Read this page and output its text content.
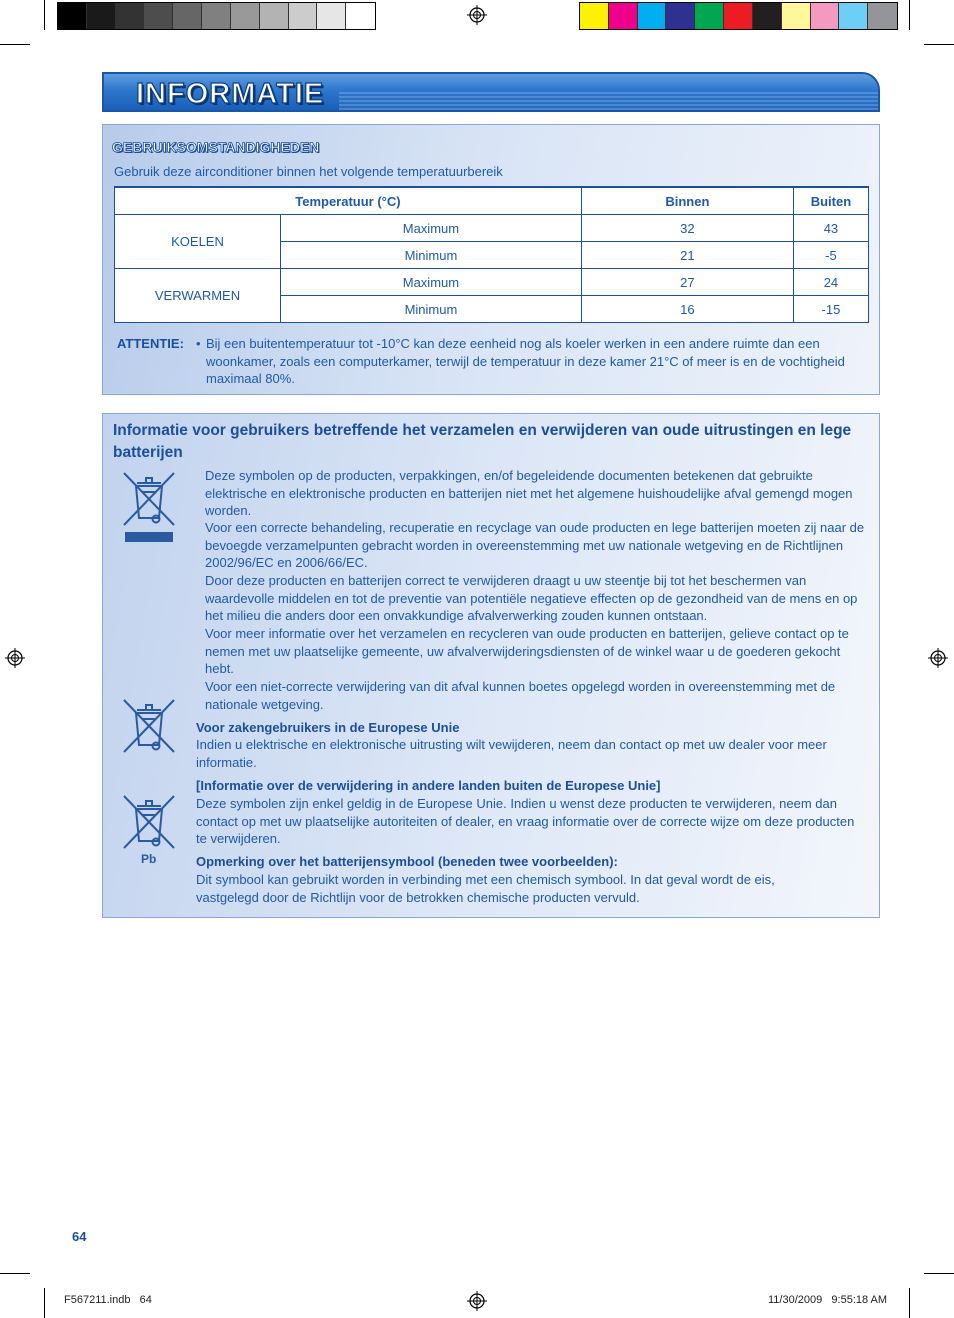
INFORMATIE
GEBRUIKSOMSTANDIGHEDEN
Gebruik deze airconditioner binnen het volgende temperatuurbereik
Temperatuur (°C)		Binnen	Buiten
KOELEN	Maximum	32	43
	Minimum	21	-5
VERWARMEN	Maximum	27	24
	Minimum	16	-15
ATTENTIE: • Bij een buitentemperatuur tot -10°C kan deze eenheid nog als koeler werken in een andere ruimte dan een woonkamer, zoals een computerkamer, terwijl de temperatuur in deze kamer 21°C of meer is en de vochtigheid maximaal 80%.
Informatie voor gebruikers betreffende het verzamelen en verwijderen van oude uitrustingen en lege batterijen
Pb
Deze symbolen op de producten, verpakkingen, en/of begeleidende documenten betekenen dat gebruikte elektrische en elektronische producten en batterijen niet met het algemene huishoudelijke afval gemengd mogen worden.
Voor een correcte behandeling, recuperatie en recyclage van oude producten en lege batterijen moeten zij naar de bevoegde verzamelpunten gebracht worden in overeenstemming met uw nationale wetgeving en de Richtlijnen 2002/96/EC en 2006/66/EC.
Door deze producten en batterijen correct te verwijderen draagt u uw steentje bij tot het beschermen van waardevolle middelen en tot de preventie van potentiële negatieve effecten op de gezondheid van de mens en op het milieu die anders door een onvakkundige afvalverwerking zouden kunnen ontstaan.
Voor meer informatie over het verzamelen en recycleren van oude producten en batterijen, gelieve contact op te nemen met uw plaatselijke gemeente, uw afvalverwijderingsdiensten of de winkel waar u de goederen gekocht hebt.
Voor een niet-correcte verwijdering van dit afval kunnen boetes opgelegd worden in overeenstemming met de nationale wetgeving.
Voor zakengebruikers in de Europese Unie
Indien u elektrische en elektronische uitrusting wilt vewijderen, neem dan contact op met uw dealer voor meer informatie.
[Informatie over de verwijdering in andere landen buiten de Europese Unie]
Deze symbolen zijn enkel geldig in de Europese Unie. Indien u wenst deze producten te verwijderen, neem dan contact op met uw plaatselijke autoriteiten of dealer, en vraag informatie over de correcte wijze om deze producten te verwijderen.
Opmerking over het batterijensymbool (beneden twee voorbeelden):
Dit symbool kan gebruikt worden in verbinding met een chemisch symbool. In dat geval wordt de eis, vastgelegd door de Richtlijn voor de betrokken chemische producten vervuld.
64
F567211.indb   64	11/30/2009   9:55:18 AM
